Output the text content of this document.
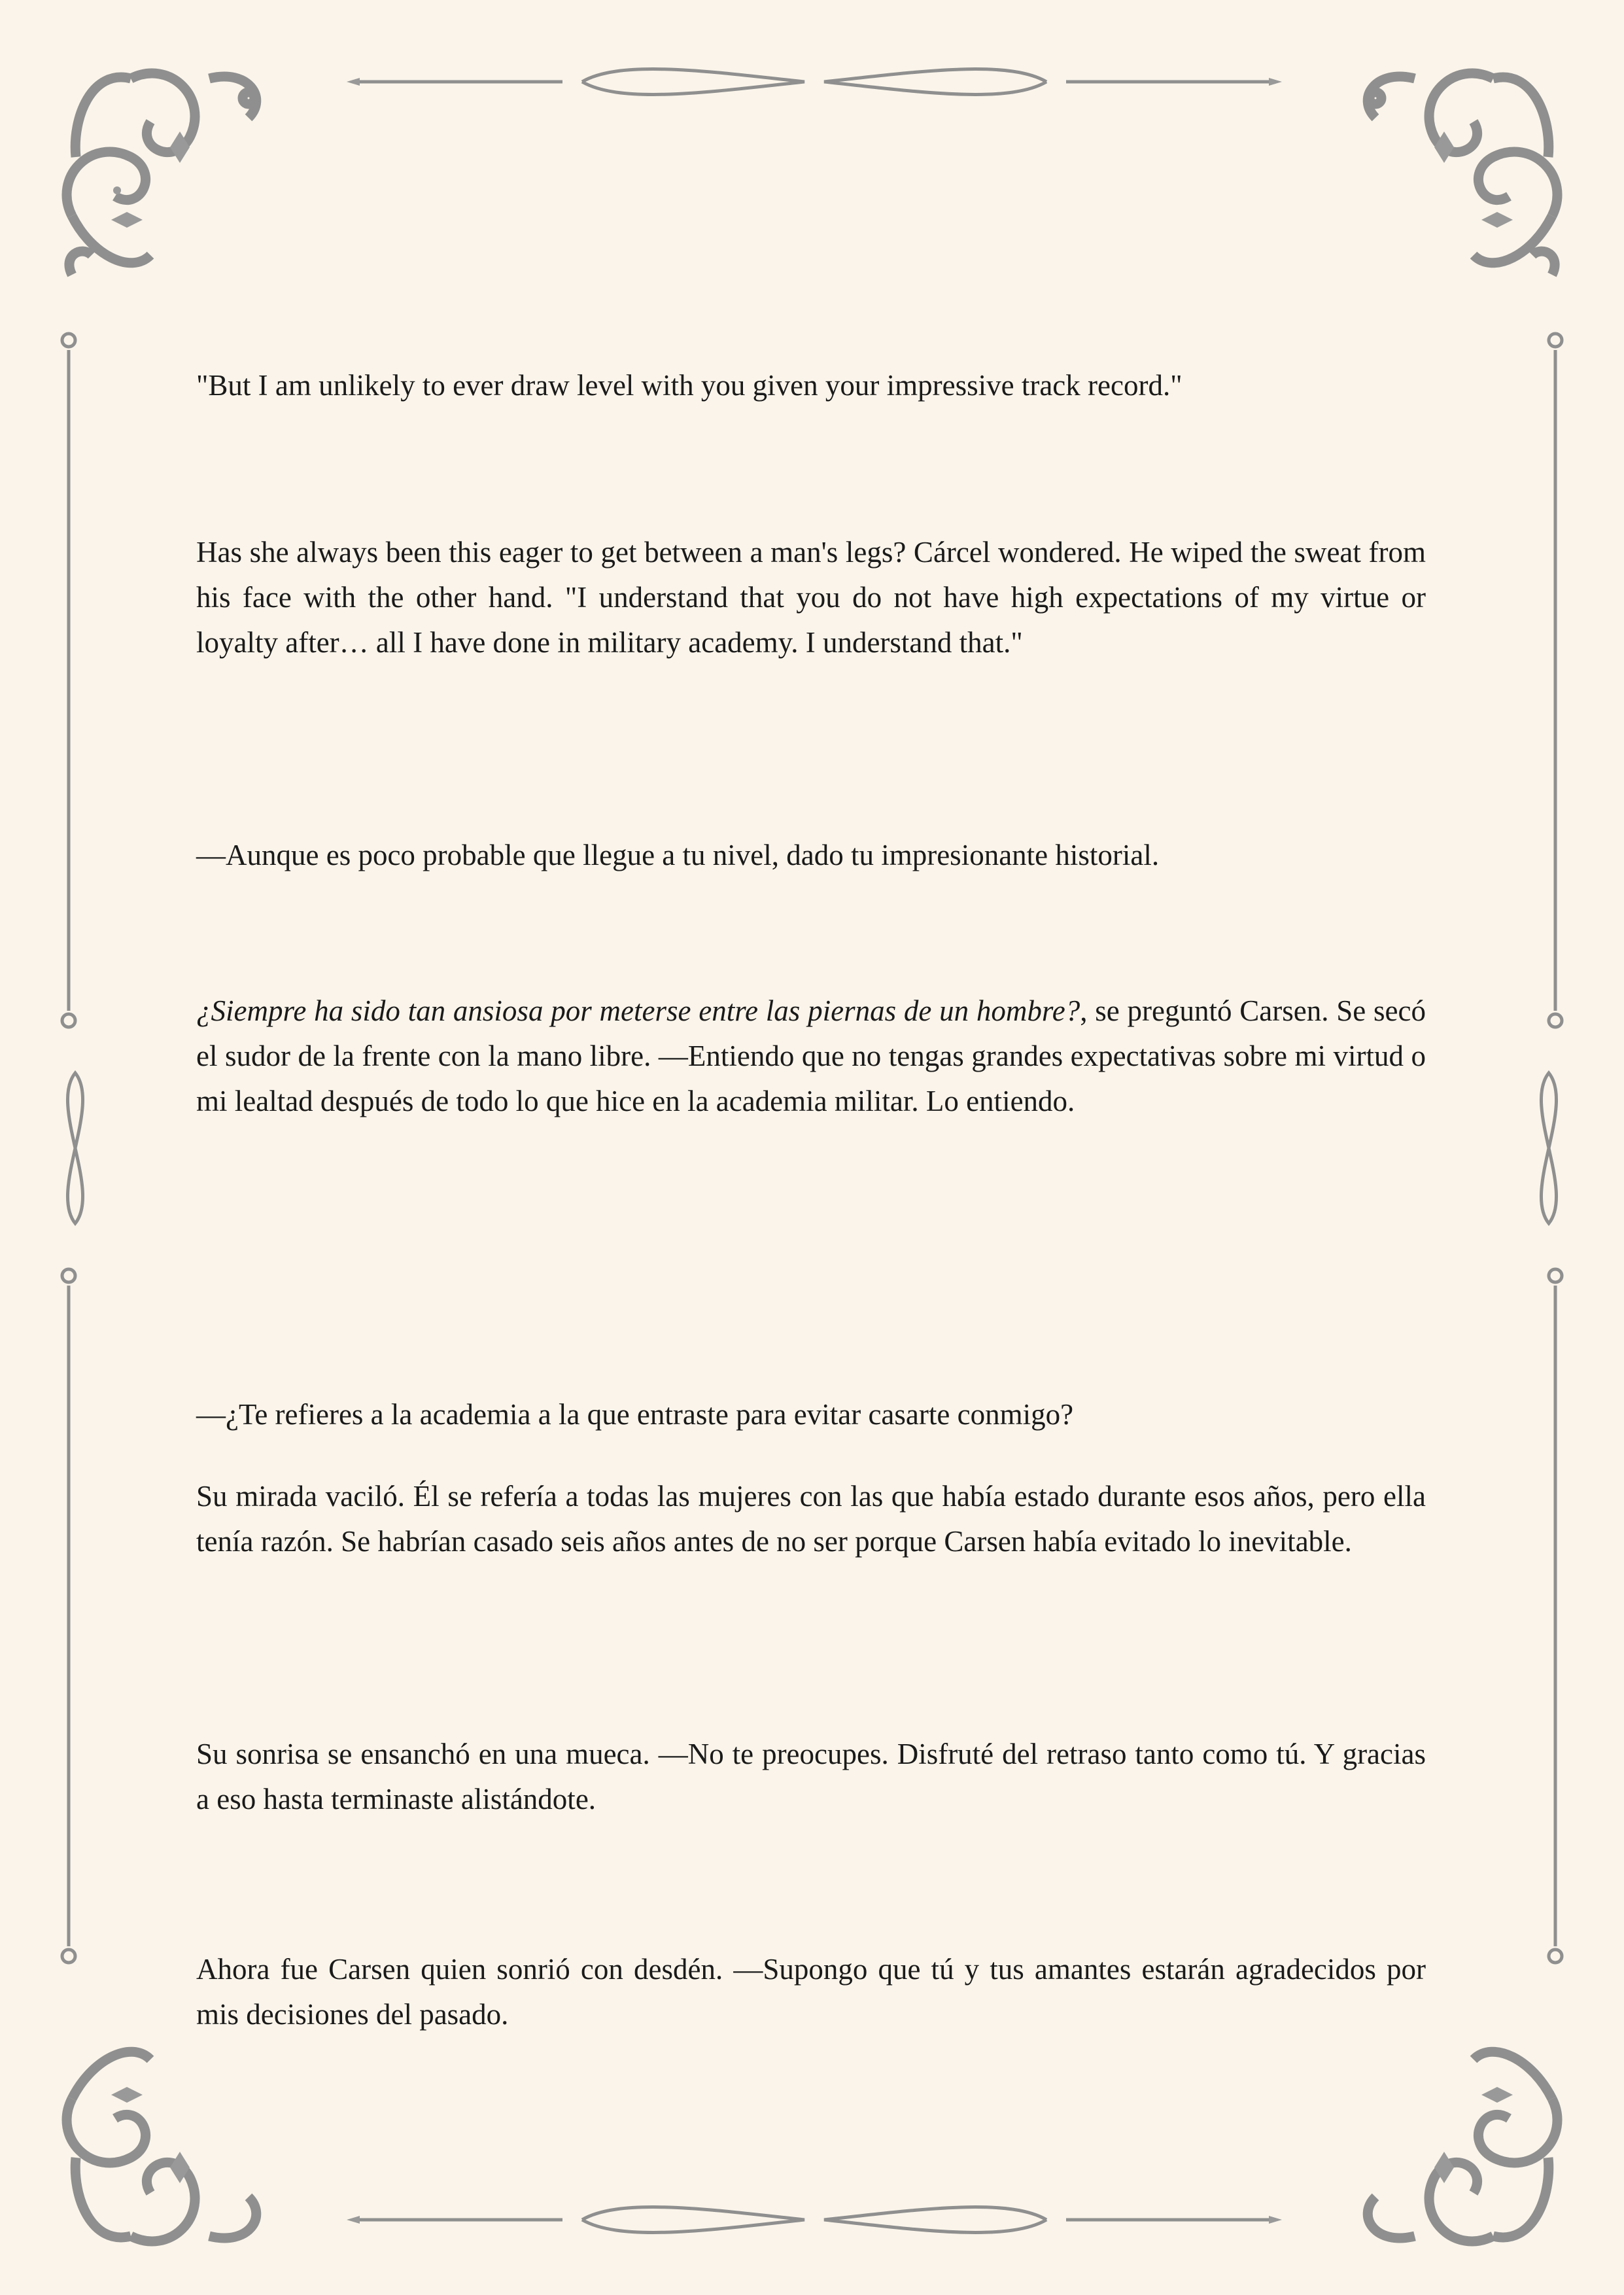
"But I am unlikely to ever draw level with you given your impressive track record."

Has she always been this eager to get between a man's legs? Cárcel wondered. He wiped the sweat from his face with the other hand. "I understand that you do not have high expectations of my virtue or loyalty after… all I have done in military academy. I understand that."

—Aunque es poco probable que llegue a tu nivel, dado tu impresionante historial.

¿Siempre ha sido tan ansiosa por meterse entre las piernas de un hombre?, se preguntó Carsen. Se secó el sudor de la frente con la mano libre. —Entiendo que no tengas grandes expectativas sobre mi virtud o mi lealtad después de todo lo que hice en la academia militar. Lo entiendo.

—¿Te refieres a la academia a la que entraste para evitar casarte conmigo?

Su mirada vaciló. Él se refería a todas las mujeres con las que había estado durante esos años, pero ella tenía razón. Se habrían casado seis años antes de no ser porque Carsen había evitado lo inevitable.

Su sonrisa se ensanchó en una mueca. —No te preocupes. Disfruté del retraso tanto como tú. Y gracias a eso hasta terminaste alistándote.

Ahora fue Carsen quien sonrió con desdén. —Supongo que tú y tus amantes estarán agradecidos por mis decisiones del pasado.
